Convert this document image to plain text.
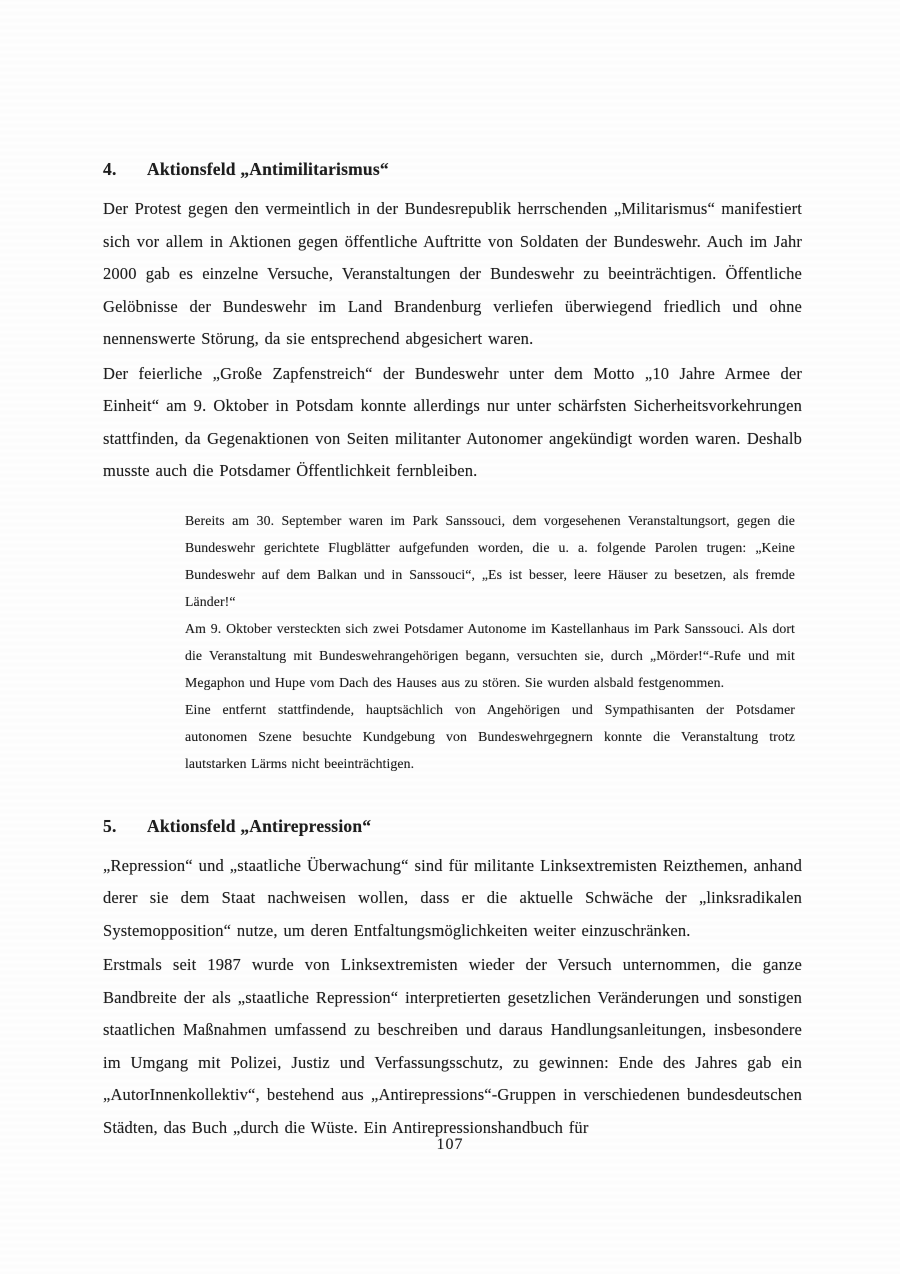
4.	Aktionsfeld „Antimilitarismus“

Der Protest gegen den vermeintlich in der Bundesrepublik herrschenden „Militarismus“ manifestiert sich vor allem in Aktionen gegen öffentliche Auftritte von Soldaten der Bundeswehr. Auch im Jahr 2000 gab es einzelne Versuche, Veranstaltungen der Bundeswehr zu beeinträchtigen. Öffentliche Gelöbnisse der Bundeswehr im Land Brandenburg verliefen überwiegend friedlich und ohne nennenswerte Störung, da sie entsprechend abgesichert waren.

Der feierliche „Große Zapfenstreich“ der Bundeswehr unter dem Motto „10 Jahre Armee der Einheit“ am 9. Oktober in Potsdam konnte allerdings nur unter schärfsten Sicherheitsvorkehrungen stattfinden, da Gegenaktionen von Seiten militanter Autonomer angekündigt worden waren. Deshalb musste auch die Potsdamer Öffentlichkeit fernbleiben.

Bereits am 30. September waren im Park Sanssouci, dem vorgesehenen Veranstaltungsort, gegen die Bundeswehr gerichtete Flugblätter aufgefunden worden, die u. a. folgende Parolen trugen: „Keine Bundeswehr auf dem Balkan und in Sanssouci“, „Es ist besser, leere Häuser zu besetzen, als fremde Länder!“

Am 9. Oktober versteckten sich zwei Potsdamer Autonome im Kastellanhaus im Park Sanssouci. Als dort die Veranstaltung mit Bundeswehrangehörigen begann, versuchten sie, durch „Mörder!“-Rufe und mit Megaphon und Hupe vom Dach des Hauses aus zu stören. Sie wurden alsbald festgenommen.

Eine entfernt stattfindende, hauptsächlich von Angehörigen und Sympathisanten der Potsdamer autonomen Szene besuchte Kundgebung von Bundeswehrgegnern konnte die Veranstaltung trotz lautstarken Lärms nicht beeinträchtigen.

5.	Aktionsfeld „Antirepression“

„Repression“ und „staatliche Überwachung“ sind für militante Linksextremisten Reizthemen, anhand derer sie dem Staat nachweisen wollen, dass er die aktuelle Schwäche der „linksradikalen Systemopposition“ nutze, um deren Entfaltungsmöglichkeiten weiter einzuschränken.

Erstmals seit 1987 wurde von Linksextremisten wieder der Versuch unternommen, die ganze Bandbreite der als „staatliche Repression“ interpretierten gesetzlichen Veränderungen und sonstigen staatlichen Maßnahmen umfassend zu beschreiben und daraus Handlungsanleitungen, insbesondere im Umgang mit Polizei, Justiz und Verfassungsschutz, zu gewinnen: Ende des Jahres gab ein „AutorInnenkollektiv“, bestehend aus „Antirepressions“-Gruppen in verschiedenen bundesdeutschen Städten, das Buch „durch die Wüste. Ein Antirepressionshandbuch für

107
